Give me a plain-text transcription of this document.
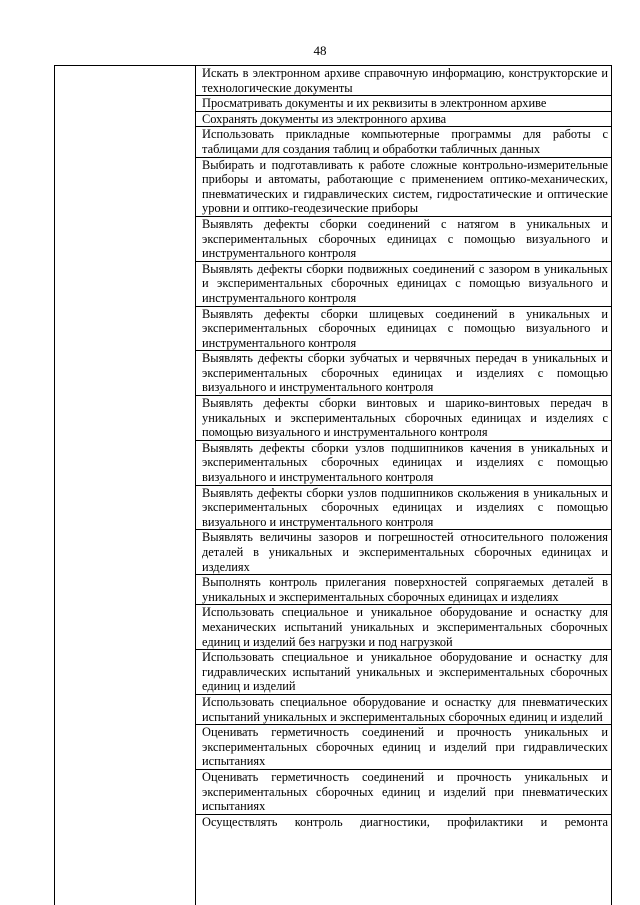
48
Искать в электронном архиве справочную информацию, конструкторские и технологические документы
Просматривать документы и их реквизиты в электронном архиве
Сохранять документы из электронного архива
Использовать прикладные компьютерные программы для работы с таблицами для создания таблиц и обработки табличных данных
Выбирать и подготавливать к работе сложные контрольно-измерительные приборы и автоматы, работающие с применением оптико-механических, пневматических и гидравлических систем, гидростатические и оптические уровни и оптико-геодезические приборы
Выявлять дефекты сборки соединений с натягом в уникальных и экспериментальных сборочных единицах с помощью визуального и инструментального контроля
Выявлять дефекты сборки подвижных соединений с зазором в уникальных и экспериментальных сборочных единицах с помощью визуального и инструментального контроля
Выявлять дефекты сборки шлицевых соединений в уникальных и экспериментальных сборочных единицах с помощью визуального и инструментального контроля
Выявлять дефекты сборки зубчатых и червячных передач в уникальных и экспериментальных сборочных единицах и изделиях с помощью визуального и инструментального контроля
Выявлять дефекты сборки винтовых и шарико-винтовых передач в уникальных и экспериментальных сборочных единицах и изделиях с помощью визуального и инструментального контроля
Выявлять дефекты сборки узлов подшипников качения в уникальных и экспериментальных сборочных единицах и изделиях с помощью визуального и инструментального контроля
Выявлять дефекты сборки узлов подшипников скольжения в уникальных и экспериментальных сборочных единицах и изделиях с помощью визуального и инструментального контроля
Выявлять величины зазоров и погрешностей относительного положения деталей в уникальных и экспериментальных сборочных единицах и изделиях
Выполнять контроль прилегания поверхностей сопрягаемых деталей в уникальных и экспериментальных сборочных единицах и изделиях
Использовать специальное и уникальное оборудование и оснастку для механических испытаний уникальных и экспериментальных сборочных единиц и изделий без нагрузки и под нагрузкой
Использовать специальное и уникальное оборудование и оснастку для гидравлических испытаний уникальных и экспериментальных сборочных единиц и изделий
Использовать специальное оборудование и оснастку для пневматических испытаний уникальных и экспериментальных сборочных единиц и изделий
Оценивать герметичность соединений и прочность уникальных и экспериментальных сборочных единиц и изделий при гидравлических испытаниях
Оценивать герметичность соединений и прочность уникальных и экспериментальных сборочных единиц и изделий при пневматических испытаниях
Осуществлять контроль диагностики, профилактики и ремонта
